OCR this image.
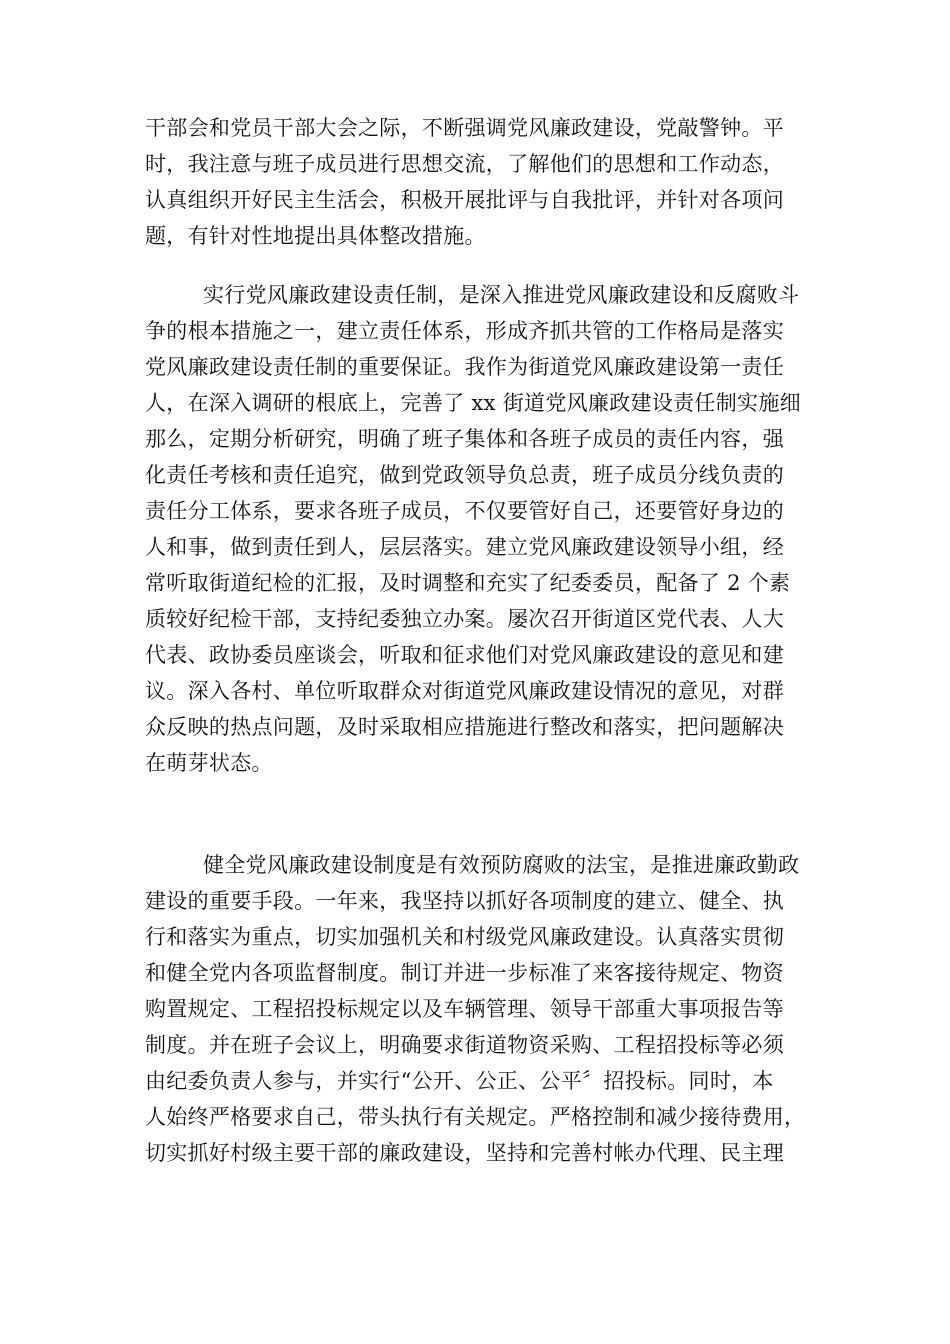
干部会和党员干部大会之际，不断强调党风廉政建设，党敲警钟。平
时，我注意与班子成员进行思想交流，了解他们的思想和工作动态，
认真组织开好民主生活会，积极开展批评与自我批评，并针对各项问
题，有针对性地提出具体整改措施。
实行党风廉政建设责任制，是深入推进党风廉政建设和反腐败斗
争的根本措施之一，建立责任体系，形成齐抓共管的工作格局是落实
党风廉政建设责任制的重要保证。我作为街道党风廉政建设第一责任
人，在深入调研的根底上，完善了 xx 街道党风廉政建设责任制实施细
那么，定期分析研究，明确了班子集体和各班子成员的责任内容，强
化责任考核和责任追究，做到党政领导负总责，班子成员分线负责的
责任分工体系，要求各班子成员，不仅要管好自己，还要管好身边的
人和事，做到责任到人，层层落实。建立党风廉政建设领导小组，经
常听取街道纪检的汇报，及时调整和充实了纪委委员，配备了 2 个素
质较好纪检干部，支持纪委独立办案。屡次召开街道区党代表、人大
代表、政协委员座谈会，听取和征求他们对党风廉政建设的意见和建
议。深入各村、单位听取群众对街道党风廉政建设情况的意见，对群
众反映的热点问题，及时采取相应措施进行整改和落实，把问题解决
在萌芽状态。
健全党风廉政建设制度是有效预防腐败的法宝，是推进廉政勤政
建设的重要手段。一年来，我坚持以抓好各项制度的建立、健全、执
行和落实为重点，切实加强机关和村级党风廉政建设。认真落实贯彻
和健全党内各项监督制度。制订并进一步标准了来客接待规定、物资
购置规定、工程招投标规定以及车辆管理、领导干部重大事项报告等
制度。并在班子会议上，明确要求街道物资采购、工程招投标等必须
由纪委负责人参与，并实行“公开、公正、公平〞招投标。同时，本
人始终严格要求自己，带头执行有关规定。严格控制和减少接待费用，
切实抓好村级主要干部的廉政建设，坚持和完善村帐办代理、民主理
